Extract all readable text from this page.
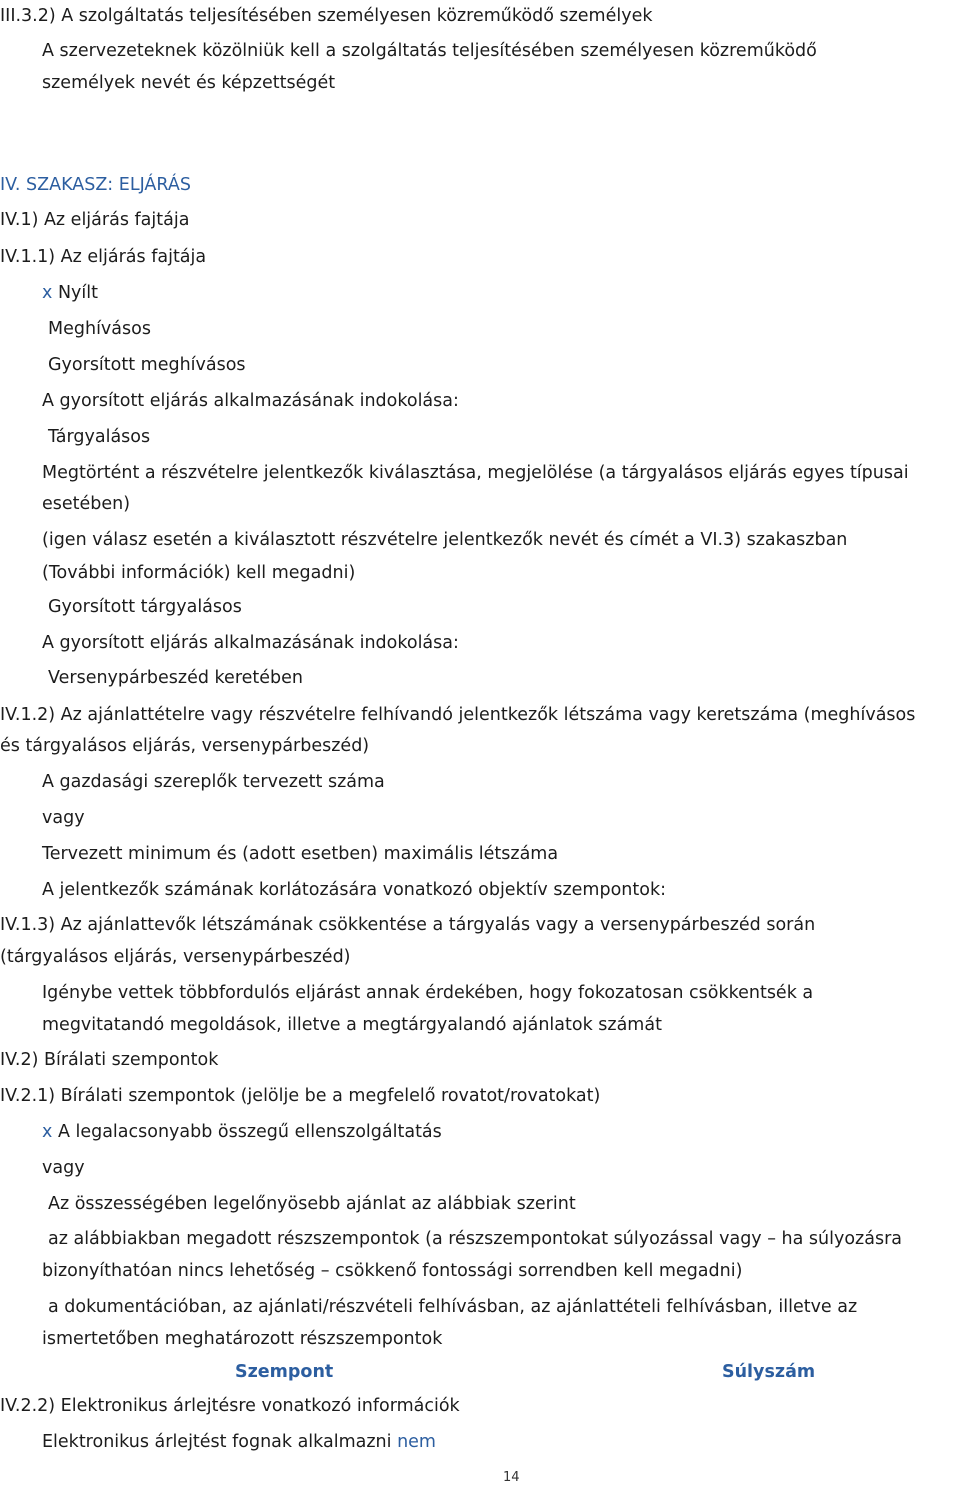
III.3.2) A szolgáltatás teljesítésében személyesen közreműködő személyek
A szervezeteknek közölniük kell a szolgáltatás teljesítésében személyesen közreműködő
személyek nevét és képzettségét
IV. SZAKASZ: ELJÁRÁS
IV.1) Az eljárás fajtája
IV.1.1) Az eljárás fajtája
x Nyílt
Meghívásos
Gyorsított meghívásos
A gyorsított eljárás alkalmazásának indokolása:
Tárgyalásos
Megtörtént a részvételre jelentkezők kiválasztása, megjelölése (a tárgyalásos eljárás egyes típusai
esetében)
(igen válasz esetén a kiválasztott részvételre jelentkezők nevét és címét a VI.3) szakaszban
(További információk) kell megadni)
Gyorsított tárgyalásos
A gyorsított eljárás alkalmazásának indokolása:
Versenypárbeszéd keretében
IV.1.2) Az ajánlattételre vagy részvételre felhívandó jelentkezők létszáma vagy keretszáma (meghívásos
és tárgyalásos eljárás, versenypárbeszéd)
A gazdasági szereplők tervezett száma
vagy
Tervezett minimum és (adott esetben) maximális létszáma
A jelentkezők számának korlátozására vonatkozó objektív szempontok:
IV.1.3) Az ajánlattevők létszámának csökkentése a tárgyalás vagy a versenypárbeszéd során
(tárgyalásos eljárás, versenypárbeszéd)
Igénybe vettek többfordulós eljárást annak érdekében, hogy fokozatosan csökkentsék a
megvitatandó megoldások, illetve a megtárgyalandó ajánlatok számát
IV.2) Bírálati szempontok
IV.2.1) Bírálati szempontok (jelölje be a megfelelő rovatot/rovatokat)
x A legalacsonyabb összegű ellenszolgáltatás
vagy
Az összességében legelőnyösebb ajánlat az alábbiak szerint
az alábbiakban megadott részszempontok (a részszempontokat súlyozással vagy – ha súlyozásra
bizonyíthatóan nincs lehetőség – csökkenő fontossági sorrendben kell megadni)
a dokumentációban, az ajánlati/részvételi felhívásban, az ajánlattételi felhívásban, illetve az
ismertetőben meghatározott részszempontok
Szempont	Súlyszám
IV.2.2) Elektronikus árlejtésre vonatkozó információk
Elektronikus árlejtést fognak alkalmazni nem
14
